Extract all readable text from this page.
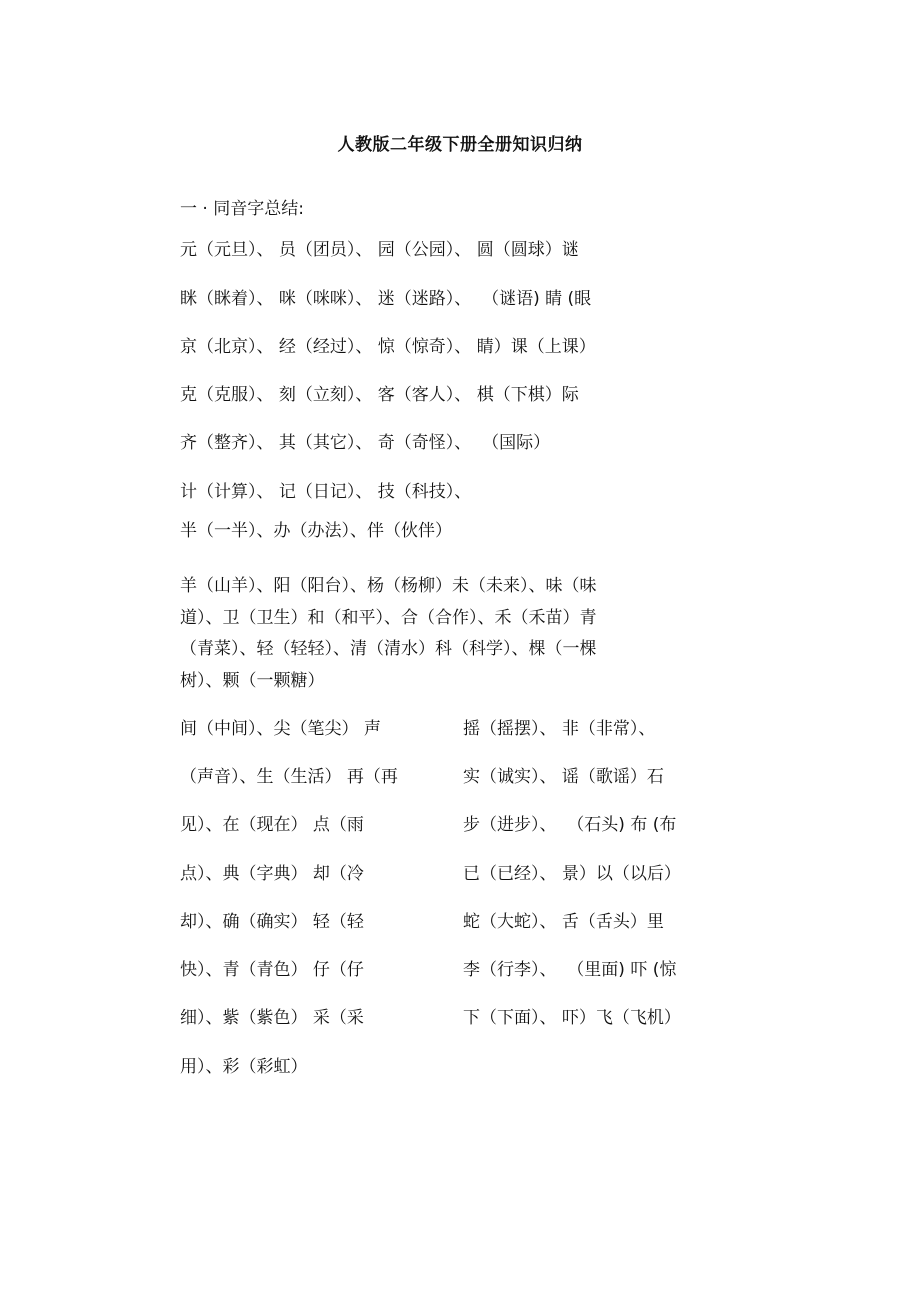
人教版二年级下册全册知识归纳
一 · 同音字总结:
元（元旦）、 员（团员）、 园（公园）、 圆（圆球）谜
眯（眯着）、 咪（咪咪）、 迷（迷路）、  （谜语) 睛 (眼
京（北京）、 经（经过）、 惊（惊奇）、 睛）课（上课）
克（克服）、 刻（立刻）、 客（客人）、 棋（下棋）际
齐（整齐）、 其（其它）、 奇（奇怪）、  （国际）
计（计算）、 记（日记）、 技（科技）、
半（一半）、办（办法）、伴（伙伴）
羊（山羊）、阳（阳台）、杨（杨柳）未（未来）、味（味
道）、卫（卫生）和（和平）、合（合作）、禾（禾苗）青
（青菜）、轻（轻轻）、清（清水）科（科学）、棵（一棵
树）、颗（一颗糖）
间（中间）、尖（笔尖） 声
（声音）、生（生活） 再（再
见）、在（现在） 点（雨
点）、典（字典） 却（冷
却）、确（确实） 轻（轻
快）、青（青色） 仔（仔
细）、紫（紫色） 采（采
用）、彩（彩虹）
摇（摇摆）、 非（非常）、
实（诚实）、 谣（歌谣）石
步（进步）、  （石头) 布 (布
已（已经）、 景）以（以后）
蛇（大蛇）、 舌（舌头）里
李（行李）、  （里面) 吓 (惊
下（下面）、 吓）飞（飞机）
